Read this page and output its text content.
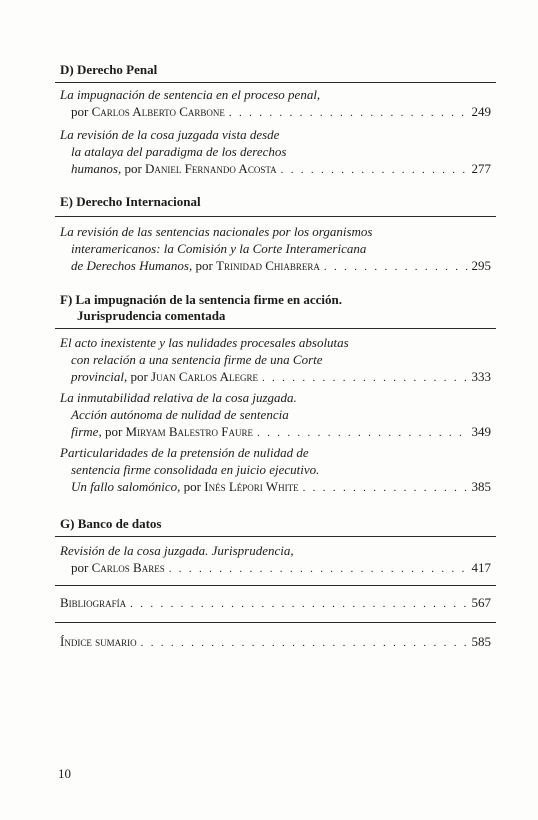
D) Derecho Penal
La impugnación de sentencia en el proceso penal,
por
Carlos Alberto Carbone . . .	249
La revisión de la cosa juzgada vista desde
la atalaya del paradigma de los derechos
humanos,
por
Daniel Fernando Acosta . . .	277
E) Derecho Internacional
La revisión de las sentencias nacionales por los organismos
interamericanos: la Comisión y la Corte Interamericana
de Derechos Humanos,
por
Trinidad Chiabrera . . .	295
F) La impugnación de la sentencia firme en acción.
Jurisprudencia comentada
El acto inexistente y las nulidades procesales absolutas
con relación a una sentencia firme de una Corte
provincial,
por
Juan Carlos Alegre . . .	333
La inmutabilidad relativa de la cosa juzgada.
Acción autónoma de nulidad de sentencia
firme,
por
Miryam Balestro Faure . . .	349
Particularidades de la pretensión de nulidad de
sentencia firme consolidada en juicio ejecutivo.
Un fallo salomónico,
por
Inés Lépori White . . .	385
G) Banco de datos
Revisión de la cosa juzgada. Jurisprudencia,
por
Carlos Bares . . .	417
Bibliografía . . .	567
Índice sumario . . .	585
10
